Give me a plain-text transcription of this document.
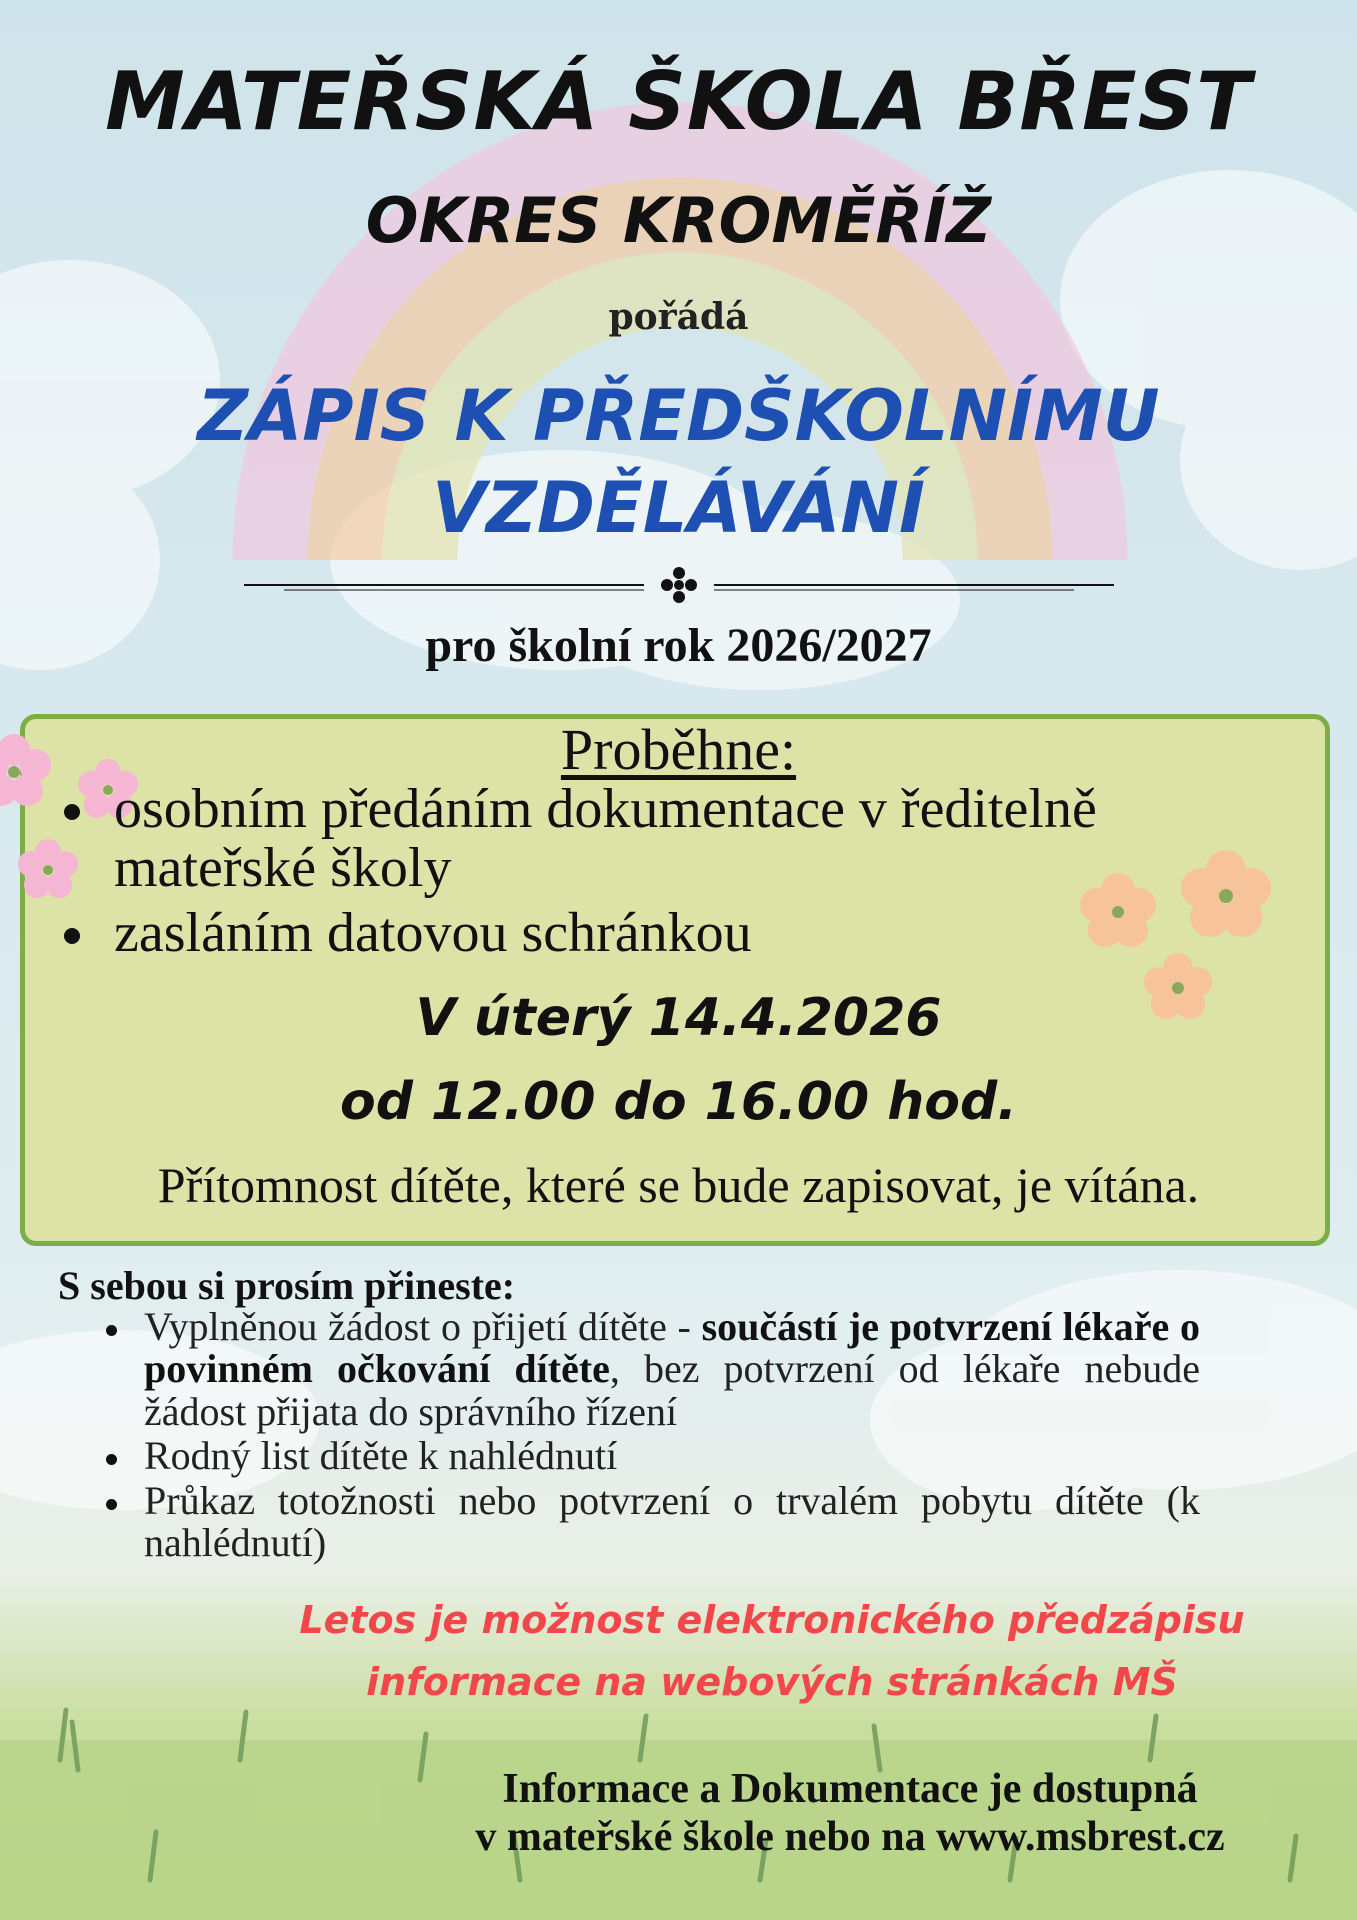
MATEŘSKÁ ŠKOLA BŘEST
OKRES KROMĚŘÍŽ
pořádá
ZÁPIS K PŘEDŠKOLNÍMU
VZDĚLÁVÁNÍ
pro školní rok 2026/2027
Proběhne:
osobním předáním dokumentace v ředitelně mateřské školy
zasláním datovou schránkou
V úterý 14.4.2026
od 12.00 do 16.00 hod.
Přítomnost dítěte, které se bude zapisovat, je vítána.
S sebou si prosím přineste:
Vyplněnou žádost o přijetí dítěte - součástí je potvrzení lékaře o povinném očkování dítěte, bez potvrzení od lékaře nebude žádost přijata do správního řízení
Rodný list dítěte k nahlédnutí
Průkaz totožnosti nebo potvrzení o trvalém pobytu dítěte (k nahlédnutí)
Letos je možnost elektronického předzápisu
informace na webových stránkách MŠ
Informace a Dokumentace je dostupná
v mateřské škole nebo na www.msbrest.cz
